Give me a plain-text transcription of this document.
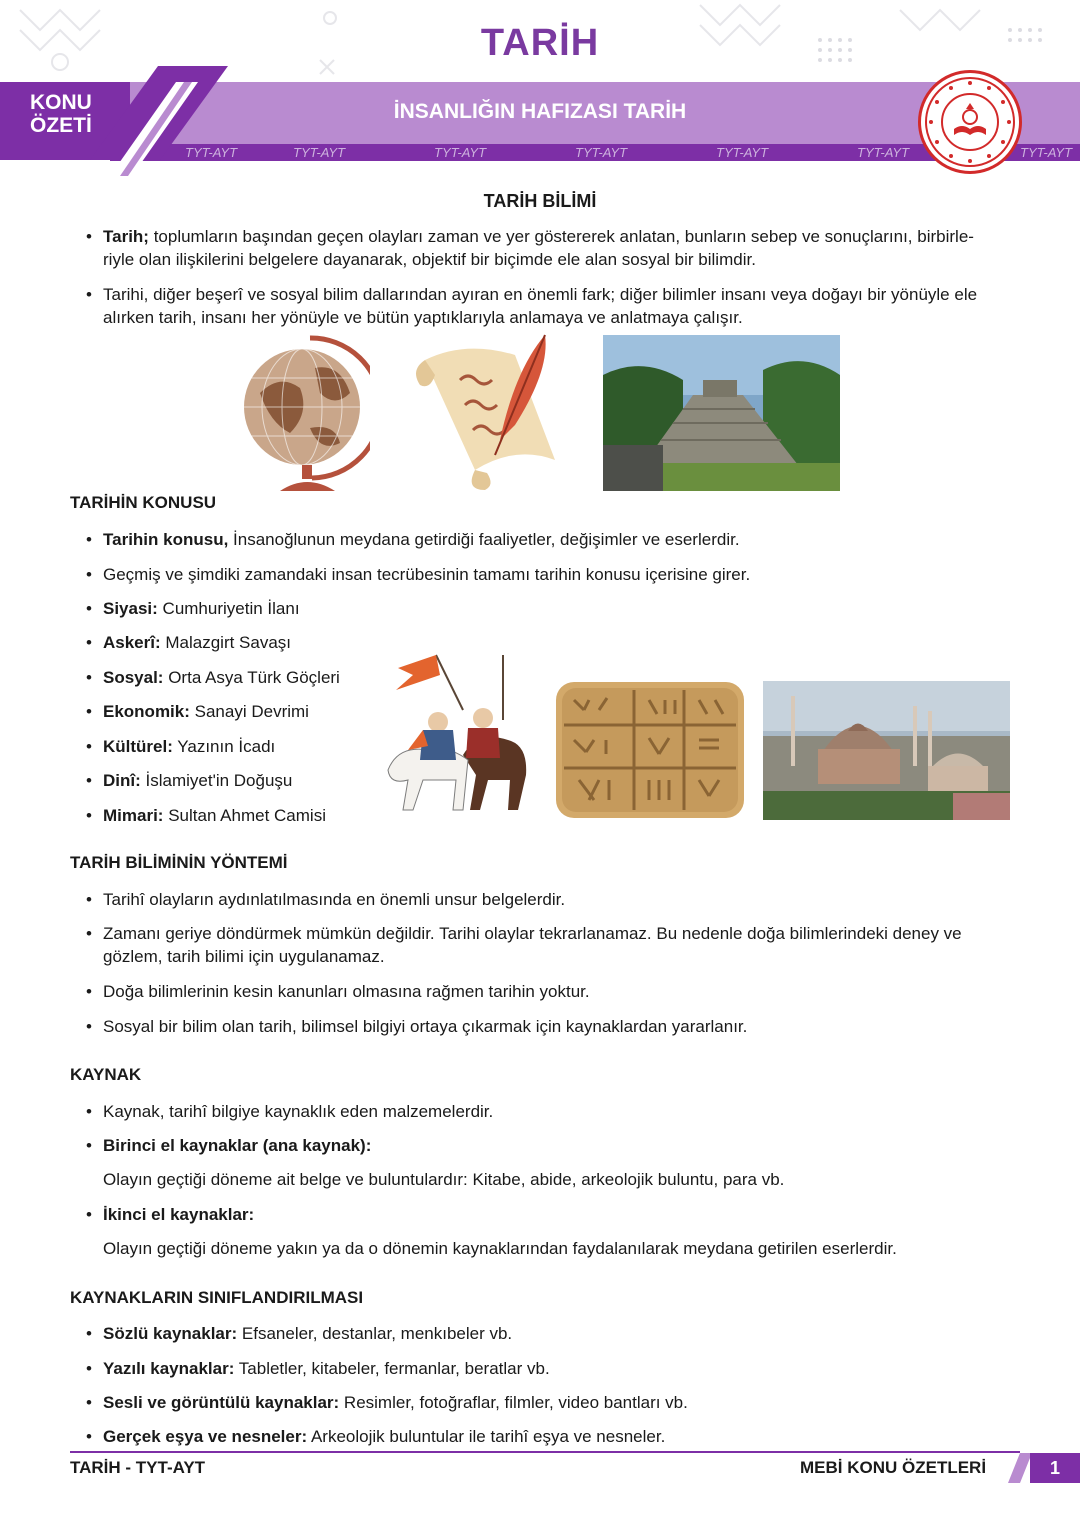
TARİH
KONU
ÖZETİ
İNSANLIĞIN HAFIZASI TARİH
TYT-AYT	TYT-AYT	TYT-AYT	TYT-AYT	TYT-AYT	TYT-AYT	TYT-AYT
TARİH BİLİMİ
• Tarih; toplumların başından geçen olayları zaman ve yer göstererek anlatan, bunların sebep ve sonuçlarını, birbirle-
riyle olan ilişkilerini belgelere dayanarak, objektif bir biçimde ele alan sosyal bir bilimdir.
• Tarihi, diğer beşerî ve sosyal bilim dallarından ayıran en önemli fark; diğer bilimler insanı veya doğayı bir yönüyle ele
alırken tarih, insanı her yönüyle ve bütün yaptıklarıyla anlamaya ve anlatmaya çalışır.
TARİHİN KONUSU
• Tarihin konusu, İnsanoğlunun meydana getirdiği faaliyetler, değişimler ve eserlerdir.
• Geçmiş ve şimdiki zamandaki insan tecrübesinin tamamı tarihin konusu içerisine girer.
• Siyasi: Cumhuriyetin İlanı
• Askerî: Malazgirt Savaşı
• Sosyal: Orta Asya Türk Göçleri
• Ekonomik: Sanayi Devrimi
• Kültürel: Yazının İcadı
• Dinî: İslamiyet'in Doğuşu
• Mimari: Sultan Ahmet Camisi
TARİH BİLİMİNİN YÖNTEMİ
• Tarihî olayların aydınlatılmasında en önemli unsur belgelerdir.
• Zamanı geriye döndürmek mümkün değildir. Tarihi olaylar tekrarlanamaz. Bu nedenle doğa bilimlerindeki deney ve
gözlem, tarih bilimi için uygulanamaz.
• Doğa bilimlerinin kesin kanunları olmasına rağmen tarihin yoktur.
• Sosyal bir bilim olan tarih, bilimsel bilgiyi ortaya çıkarmak için kaynaklardan yararlanır.
KAYNAK
• Kaynak, tarihî bilgiye kaynaklık eden malzemelerdir.
• Birinci el kaynaklar (ana kaynak):
Olayın geçtiği döneme ait belge ve buluntulardır: Kitabe, abide, arkeolojik buluntu, para vb.
• İkinci el kaynaklar:
Olayın geçtiği döneme yakın ya da o dönemin kaynaklarından faydalanılarak meydana getirilen eserlerdir.
KAYNAKLARIN SINIFLANDIRILMASI
• Sözlü kaynaklar: Efsaneler, destanlar, menkıbeler vb.
• Yazılı kaynaklar: Tabletler, kitabeler, fermanlar, beratlar vb.
• Sesli ve görüntülü kaynaklar: Resimler, fotoğraflar, filmler, video bantları vb.
• Gerçek eşya ve nesneler: Arkeolojik buluntular ile tarihî eşya ve nesneler.
TARİH - TYT-AYT	MEBİ KONU ÖZETLERİ	1
